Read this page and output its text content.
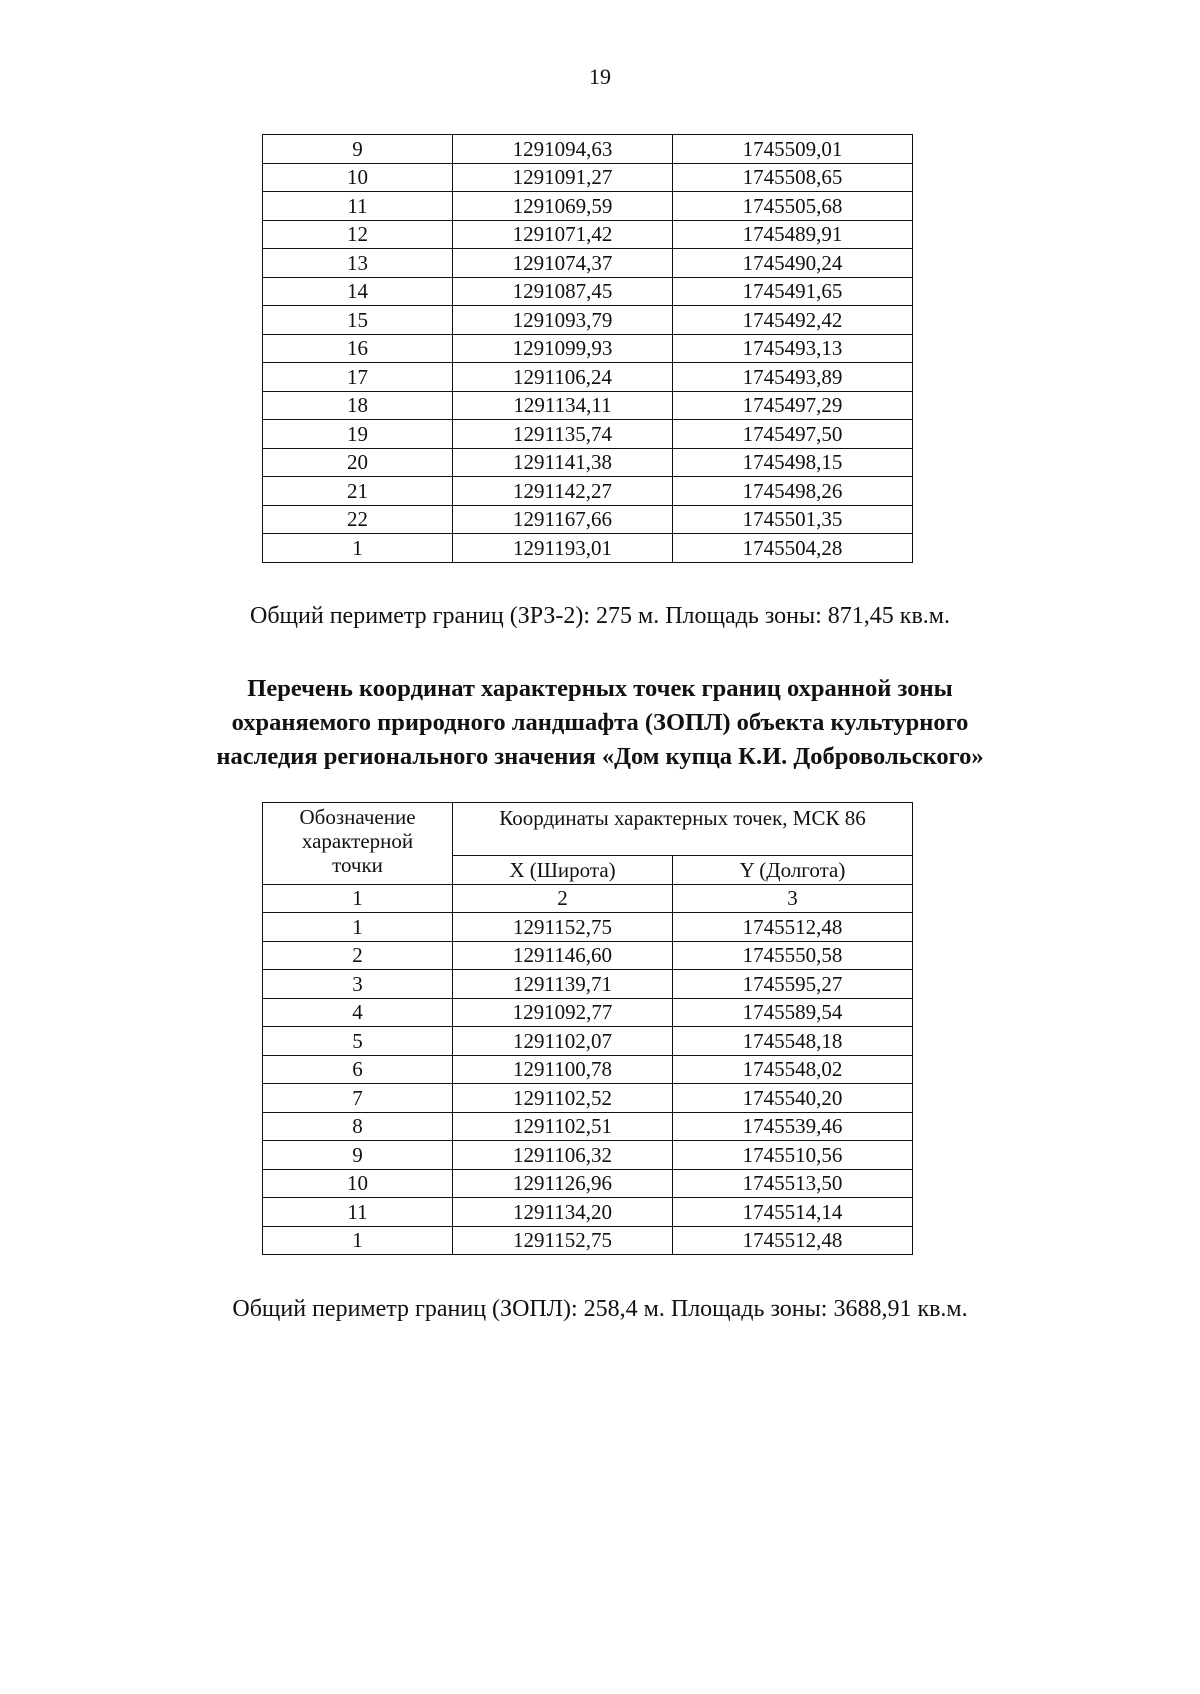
19
9	1291094,63	1745509,01
10	1291091,27	1745508,65
11	1291069,59	1745505,68
12	1291071,42	1745489,91
13	1291074,37	1745490,24
14	1291087,45	1745491,65
15	1291093,79	1745492,42
16	1291099,93	1745493,13
17	1291106,24	1745493,89
18	1291134,11	1745497,29
19	1291135,74	1745497,50
20	1291141,38	1745498,15
21	1291142,27	1745498,26
22	1291167,66	1745501,35
1	1291193,01	1745504,28
Общий периметр границ (ЗРЗ-2): 275 м. Площадь зоны: 871,45 кв.м.
Перечень координат характерных точек границ охранной зоны
охраняемого природного ландшафта (ЗОПЛ) объекта культурного
наследия регионального значения «Дом купца К.И. Добровольского»
Обозначение
характерной
точки	Координаты характерных точек, МСК 86	
	X (Широта)	Y (Долгота)
1	2	3
1	1291152,75	1745512,48
2	1291146,60	1745550,58
3	1291139,71	1745595,27
4	1291092,77	1745589,54
5	1291102,07	1745548,18
6	1291100,78	1745548,02
7	1291102,52	1745540,20
8	1291102,51	1745539,46
9	1291106,32	1745510,56
10	1291126,96	1745513,50
11	1291134,20	1745514,14
1	1291152,75	1745512,48
Общий периметр границ (ЗОПЛ): 258,4 м. Площадь зоны: 3688,91 кв.м.
